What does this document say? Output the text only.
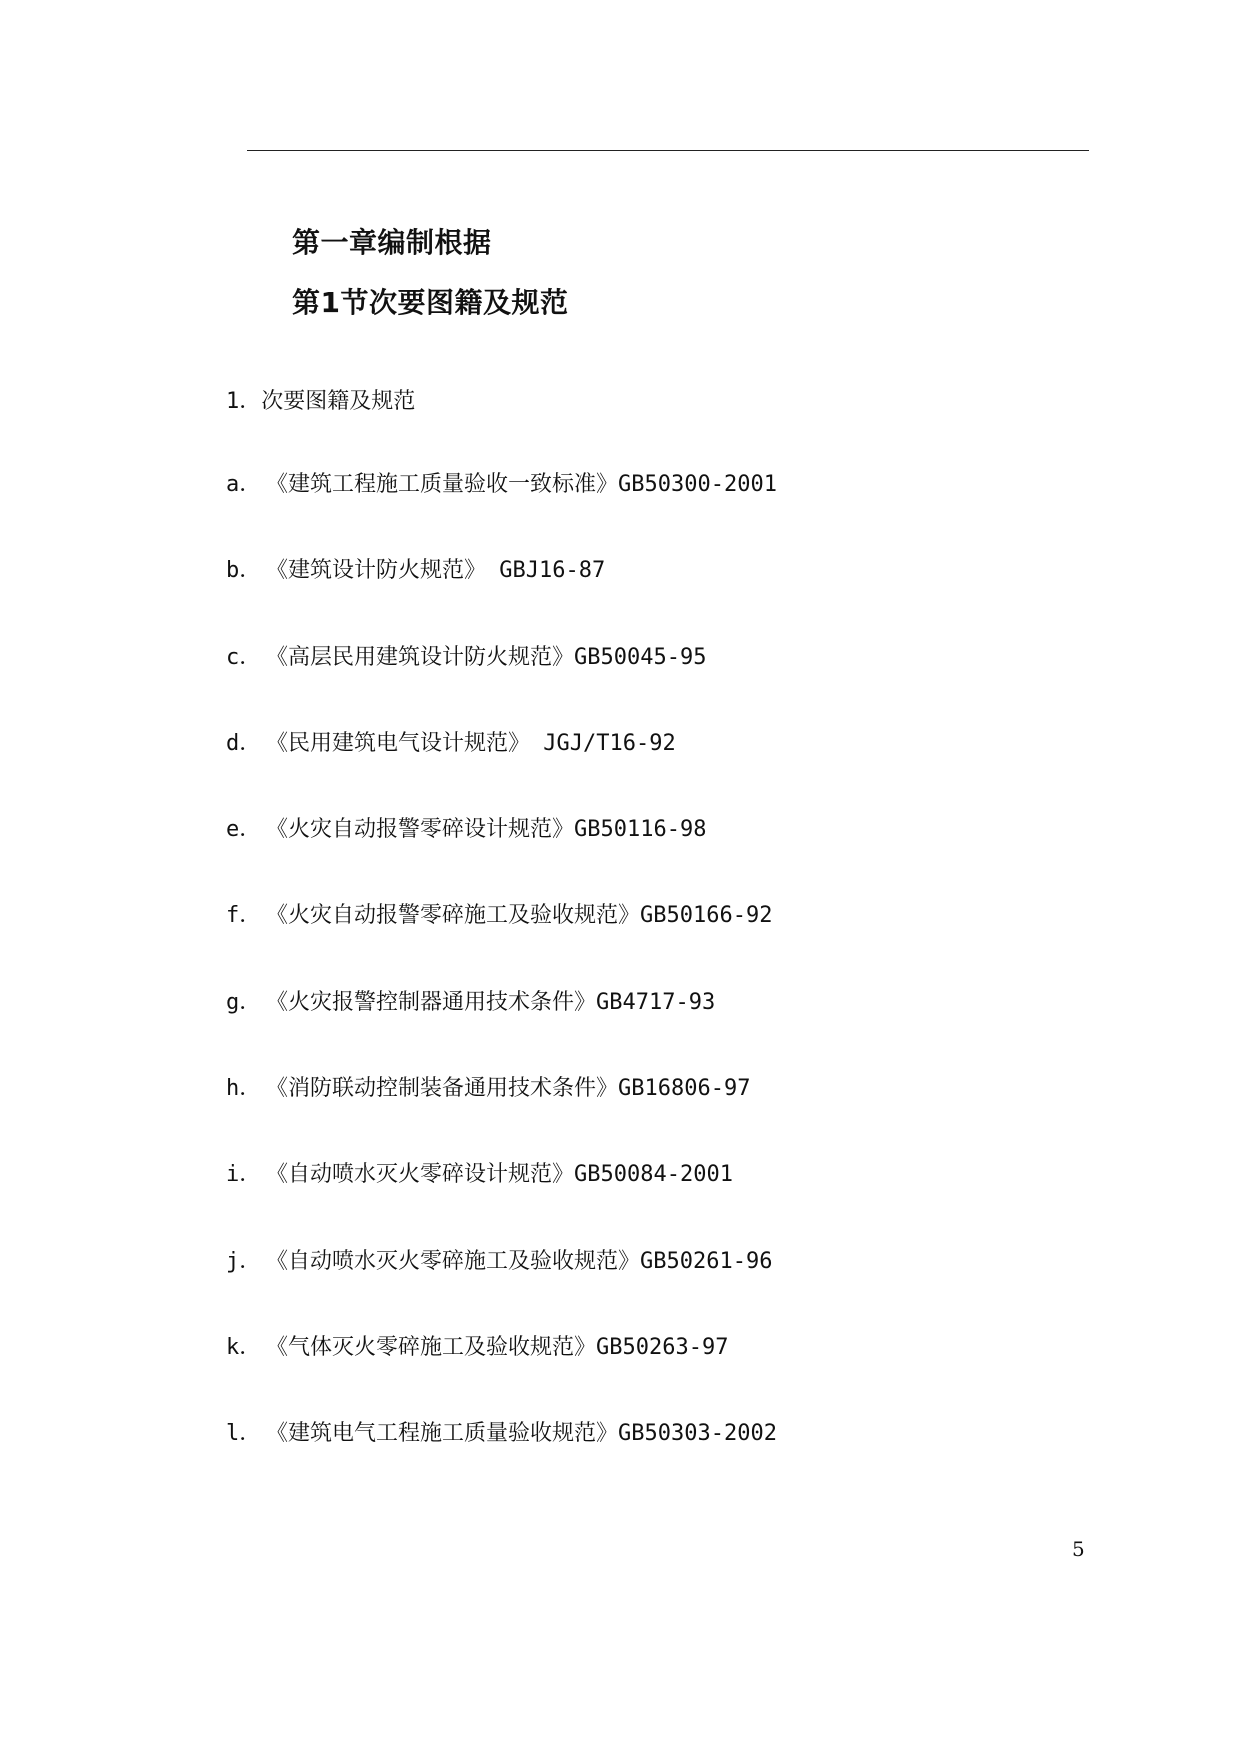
第一章编制根据
第1节次要图籍及规范
1．次要图籍及规范
a． 《建筑工程施工质量验收一致标准》GB50300-2001
b． 《建筑设计防火规范》 GBJ16-87
c． 《高层民用建筑设计防火规范》GB50045-95
d． 《民用建筑电气设计规范》 JGJ/T16-92
e． 《火灾自动报警零碎设计规范》GB50116-98
f． 《火灾自动报警零碎施工及验收规范》GB50166-92
g． 《火灾报警控制器通用技术条件》GB4717-93
h． 《消防联动控制装备通用技术条件》GB16806-97
i． 《自动喷水灭火零碎设计规范》GB50084-2001
j． 《自动喷水灭火零碎施工及验收规范》GB50261-96
k． 《气体灭火零碎施工及验收规范》GB50263-97
l． 《建筑电气工程施工质量验收规范》GB50303-2002
5
